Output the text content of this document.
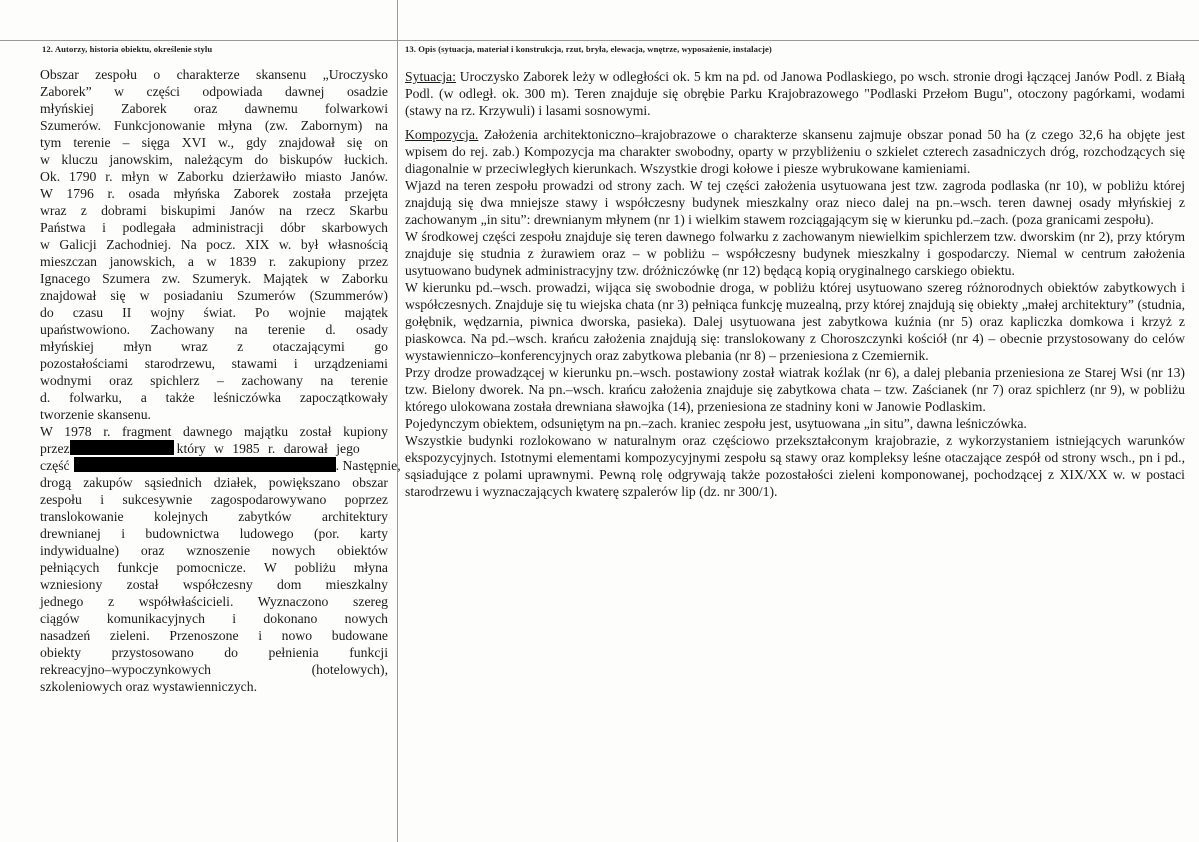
12. Autorzy, historia obiektu, określenie stylu
Obszar zespołu o charakterze skansenu „Uroczysko
Zaborek” w części odpowiada dawnej osadzie
młyńskiej Zaborek oraz dawnemu folwarkowi
Szumerów. Funkcjonowanie młyna (zw. Zabornym) na
tym terenie – sięga XVI w., gdy znajdował się on
w kluczu janowskim, należącym do biskupów łuckich.
Ok. 1790 r. młyn w Zaborku dzierżawiło miasto Janów.
W 1796 r. osada młyńska Zaborek została przejęta
wraz z dobrami biskupimi Janów na rzecz Skarbu
Państwa i podlegała administracji dóbr skarbowych
w Galicji Zachodniej. Na pocz. XIX w. był własnością
mieszczan janowskich, a w 1839 r. zakupiony przez
Ignacego Szumera zw. Szumeryk. Majątek w Zaborku
znajdował się w posiadaniu Szumerów (Szummerów)
do czasu II wojny świat. Po wojnie majątek
upaństwowiono. Zachowany na terenie d. osady
młyńskiej młyn wraz z otaczającymi go
pozostałościami starodrzewu, stawami i urządzeniami
wodnymi oraz spichlerz – zachowany na terenie
d. folwarku, a także leśniczówka zapoczątkowały
tworzenie skansenu.
W 1978 r. fragment dawnego majątku został kupiony
przez	który w 1985 r. darował jego
część	. Następnie,
drogą zakupów sąsiednich działek, powiększano obszar
zespołu i sukcesywnie zagospodarowywano poprzez
translokowanie kolejnych zabytków architektury
drewnianej i budownictwa ludowego (por. karty
indywidualne) oraz wznoszenie nowych obiektów
pełniących funkcje pomocnicze. W pobliżu młyna
wzniesiony został współczesny dom mieszkalny
jednego z współwłaścicieli. Wyznaczono szereg
ciągów komunikacyjnych i dokonano nowych
nasadzeń zieleni. Przenoszone i nowo budowane
obiekty przystosowano do pełnienia funkcji
rekreacyjno–wypoczynkowych (hotelowych),
szkoleniowych oraz wystawienniczych.
13. Opis (sytuacja, materiał i konstrukcja, rzut, bryła, elewacja, wnętrze, wyposażenie, instalacje)
Sytuacja: Uroczysko Zaborek leży w odległości ok. 5 km na pd. od Janowa Podlaskiego, po wsch. stronie drogi łączącej Janów Podl. z Białą Podl. (w odległ. ok. 300 m). Teren znajduje się obrębie Parku Krajobrazowego "Podlaski Przełom Bugu", otoczony pagórkami, wodami (stawy na rz. Krzywuli) i lasami sosnowymi.
Kompozycja. Założenia architektoniczno–krajobrazowe o charakterze skansenu zajmuje obszar ponad 50 ha (z czego 32,6 ha objęte jest wpisem do rej. zab.) Kompozycja ma charakter swobodny, oparty w przybliżeniu o szkielet czterech zasadniczych dróg, rozchodzących się diagonalnie w przeciwległych kierunkach. Wszystkie drogi kołowe i piesze wybrukowane kamieniami.
Wjazd na teren zespołu prowadzi od strony zach. W tej części założenia usytuowana jest tzw. zagroda podlaska (nr 10), w pobliżu której znajdują się dwa mniejsze stawy i współczesny budynek mieszkalny oraz nieco dalej na pn.–wsch. teren dawnej osady młyńskiej z zachowanym „in situ”: drewnianym młynem (nr 1) i wielkim stawem rozciągającym się w kierunku pd.–zach. (poza granicami zespołu).
W środkowej części zespołu znajduje się teren dawnego folwarku z zachowanym niewielkim spichlerzem tzw. dworskim (nr 2), przy którym znajduje się studnia z żurawiem oraz – w pobliżu – współczesny budynek mieszkalny i gospodarczy. Niemal w centrum założenia usytuowano budynek administracyjny tzw. dróżniczówkę (nr 12) będącą kopią oryginalnego carskiego obiektu.
W kierunku pd.–wsch. prowadzi, wijąca się swobodnie droga, w pobliżu której usytuowano szereg różnorodnych obiektów zabytkowych i współczesnych. Znajduje się tu wiejska chata (nr 3) pełniąca funkcję muzealną, przy której znajdują się obiekty „małej architektury” (studnia, gołębnik, wędzarnia, piwnica dworska, pasieka). Dalej usytuowana jest zabytkowa kuźnia (nr 5) oraz kapliczka domkowa i krzyż z piaskowca. Na pd.–wsch. krańcu założenia znajdują się: translokowany z Choroszczynki kościół (nr 4) – obecnie przystosowany do celów wystawienniczo–konferencyjnych oraz zabytkowa plebania (nr 8) – przeniesiona z Czemiernik.
Przy drodze prowadzącej w kierunku pn.–wsch. postawiony został wiatrak koźlak (nr 6), a dalej plebania przeniesiona ze Starej Wsi (nr 13) tzw. Bielony dworek. Na pn.–wsch. krańcu założenia znajduje się zabytkowa chata – tzw. Zaścianek (nr 7) oraz spichlerz (nr 9), w pobliżu którego ulokowana została drewniana sławojka (14), przeniesiona ze stadniny koni w Janowie Podlaskim.
Pojedynczym obiektem, odsuniętym na pn.–zach. kraniec zespołu jest, usytuowana „in situ”, dawna leśniczówka.
Wszystkie budynki rozlokowano w naturalnym oraz częściowo przekształconym krajobrazie, z wykorzystaniem istniejących warunków ekspozycyjnych. Istotnymi elementami kompozycyjnymi zespołu są stawy oraz kompleksy leśne otaczające zespół od strony wsch., pn i pd., sąsiadujące z polami uprawnymi. Pewną rolę odgrywają także pozostałości zieleni komponowanej, pochodzącej z XIX/XX w. w postaci starodrzewu i wyznaczających kwaterę szpalerów lip (dz. nr 300/1).
